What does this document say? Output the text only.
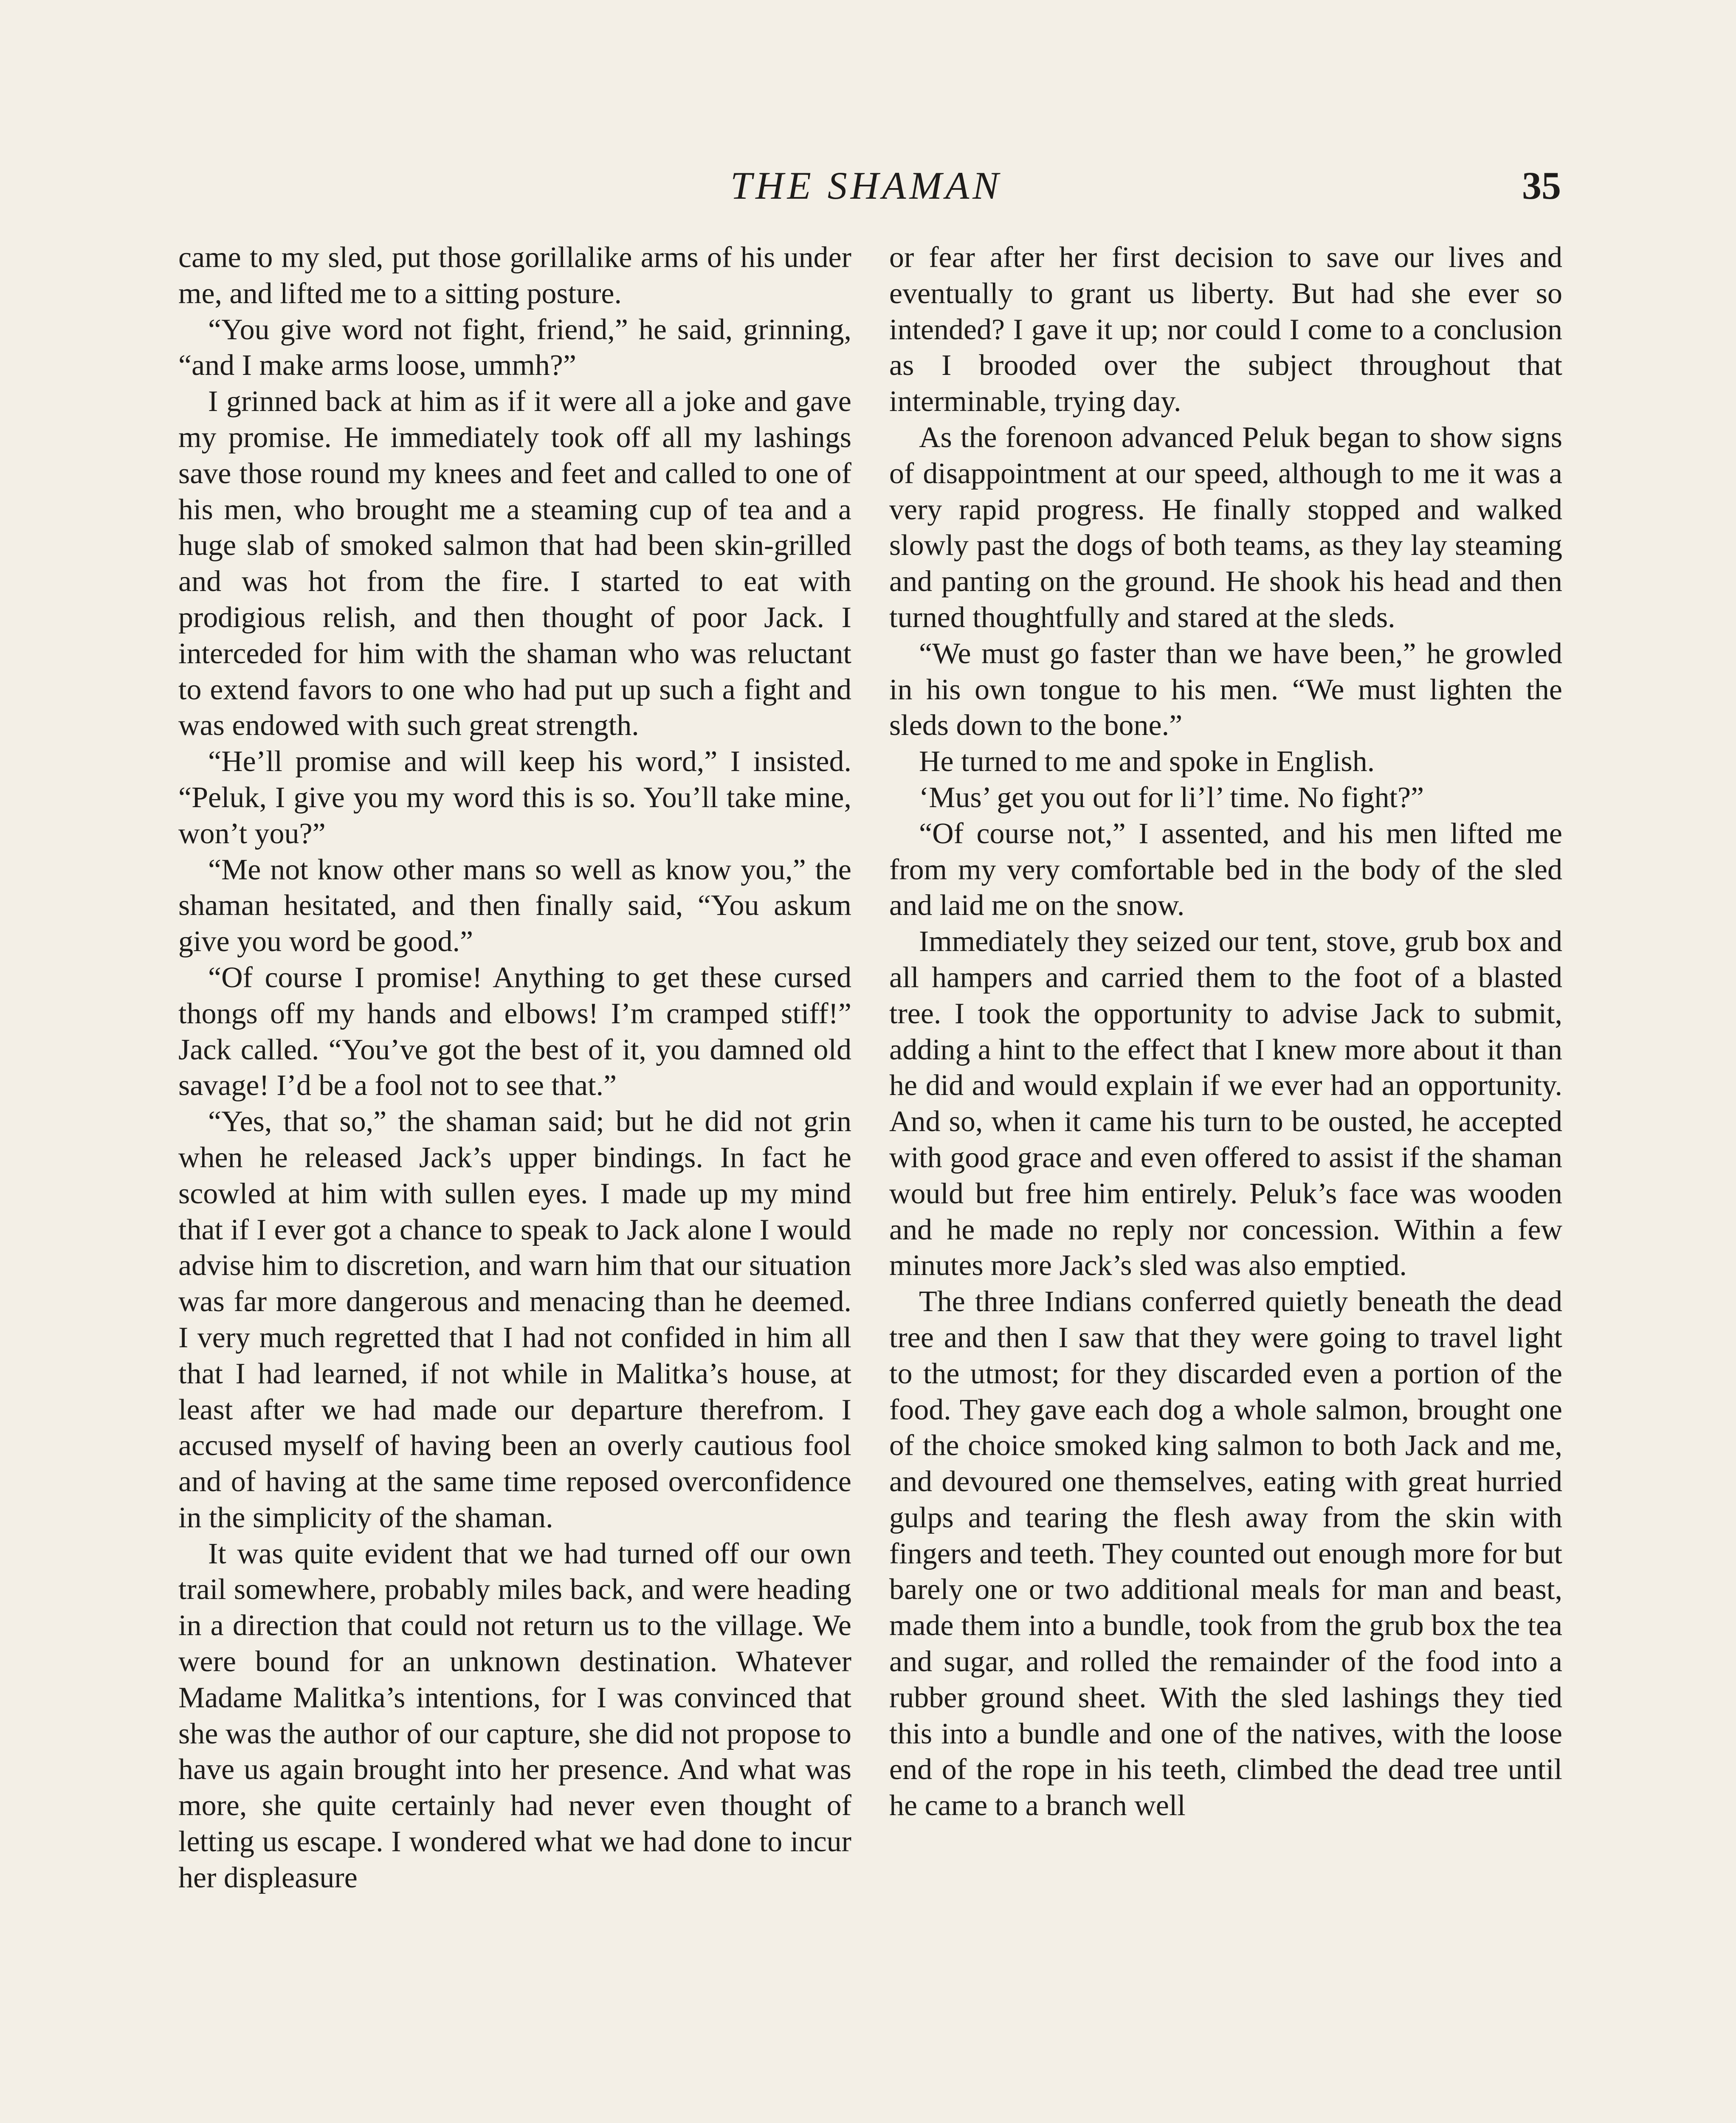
THE SHAMAN	35

came to my sled, put those gorillalike arms of his under me, and lifted me to a sitting posture.

“You give word not fight, friend,” he said, grinning, “and I make arms loose, ummh?”

I grinned back at him as if it were all a joke and gave my promise. He immediately took off all my lashings save those round my knees and feet and called to one of his men, who brought me a steaming cup of tea and a huge slab of smoked salmon that had been skin-grilled and was hot from the fire. I started to eat with prodigious relish, and then thought of poor Jack. I interceded for him with the shaman who was reluctant to extend favors to one who had put up such a fight and was endowed with such great strength.

“He’ll promise and will keep his word,” I insisted. “Peluk, I give you my word this is so. You’ll take mine, won’t you?”

“Me not know other mans so well as know you,” the shaman hesitated, and then finally said, “You askum give you word be good.”

“Of course I promise! Anything to get these cursed thongs off my hands and elbows! I’m cramped stiff!” Jack called. “You’ve got the best of it, you damned old savage! I’d be a fool not to see that.”

“Yes, that so,” the shaman said; but he did not grin when he released Jack’s upper bindings. In fact he scowled at him with sullen eyes. I made up my mind that if I ever got a chance to speak to Jack alone I would advise him to discretion, and warn him that our situation was far more dangerous and menacing than he deemed. I very much regretted that I had not confided in him all that I had learned, if not while in Malitka’s house, at least after we had made our departure therefrom. I accused myself of having been an overly cautious fool and of having at the same time reposed overconfidence in the simplicity of the shaman.

It was quite evident that we had turned off our own trail somewhere, probably miles back, and were heading in a direction that could not return us to the village. We were bound for an unknown destination. Whatever Madame Malitka’s intentions, for I was convinced that she was the author of our capture, she did not propose to have us again brought into her presence. And what was more, she quite certainly had never even thought of letting us escape. I wondered what we had done to incur her displeasure

or fear after her first decision to save our lives and eventually to grant us liberty. But had she ever so intended? I gave it up; nor could I come to a conclusion as I brooded over the subject throughout that interminable, trying day.

As the forenoon advanced Peluk began to show signs of disappointment at our speed, although to me it was a very rapid progress. He finally stopped and walked slowly past the dogs of both teams, as they lay steaming and panting on the ground. He shook his head and then turned thoughtfully and stared at the sleds.

“We must go faster than we have been,” he growled in his own tongue to his men. “We must lighten the sleds down to the bone.”

He turned to me and spoke in English.

‘Mus’ get you out for li’l’ time. No fight?”

“Of course not,” I assented, and his men lifted me from my very comfortable bed in the body of the sled and laid me on the snow.

Immediately they seized our tent, stove, grub box and all hampers and carried them to the foot of a blasted tree. I took the opportunity to advise Jack to submit, adding a hint to the effect that I knew more about it than he did and would explain if we ever had an opportunity. And so, when it came his turn to be ousted, he accepted with good grace and even offered to assist if the shaman would but free him entirely. Peluk’s face was wooden and he made no reply nor concession. Within a few minutes more Jack’s sled was also emptied.

The three Indians conferred quietly beneath the dead tree and then I saw that they were going to travel light to the utmost; for they discarded even a portion of the food. They gave each dog a whole salmon, brought one of the choice smoked king salmon to both Jack and me, and devoured one themselves, eating with great hurried gulps and tearing the flesh away from the skin with fingers and teeth. They counted out enough more for but barely one or two additional meals for man and beast, made them into a bundle, took from the grub box the tea and sugar, and rolled the remainder of the food into a rubber ground sheet. With the sled lashings they tied this into a bundle and one of the natives, with the loose end of the rope in his teeth, climbed the dead tree until he came to a branch well
